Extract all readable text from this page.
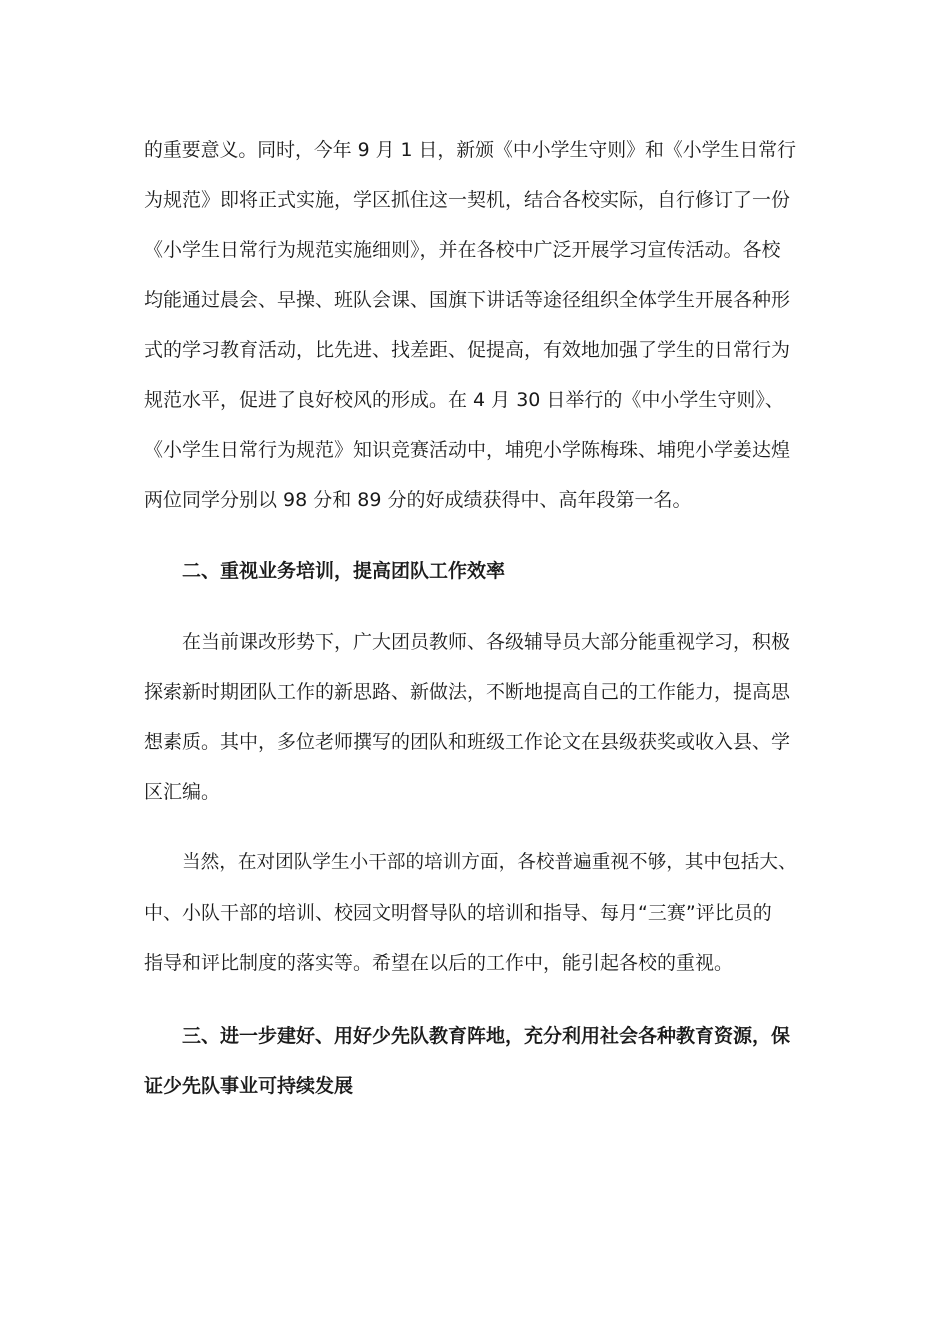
的重要意义。同时，今年 9 月 1 日，新颁《中小学生守则》和《小学生日常行
为规范》即将正式实施，学区抓住这一契机，结合各校实际，自行修订了一份
《小学生日常行为规范实施细则》，并在各校中广泛开展学习宣传活动。各校
均能通过晨会、早操、班队会课、国旗下讲话等途径组织全体学生开展各种形
式的学习教育活动，比先进、找差距、促提高，有效地加强了学生的日常行为
规范水平，促进了良好校风的形成。在 4 月 30 日举行的《中小学生守则》、
《小学生日常行为规范》知识竞赛活动中，埔兜小学陈梅珠、埔兜小学姜达煌
两位同学分别以 98 分和 89 分的好成绩获得中、高年段第一名。
二、重视业务培训，提高团队工作效率
在当前课改形势下，广大团员教师、各级辅导员大部分能重视学习，积极
探索新时期团队工作的新思路、新做法，不断地提高自己的工作能力，提高思
想素质。其中，多位老师撰写的团队和班级工作论文在县级获奖或收入县、学
区汇编。
当然，在对团队学生小干部的培训方面，各校普遍重视不够，其中包括大、
中、小队干部的培训、校园文明督导队的培训和指导、每月“三赛”评比员的
指导和评比制度的落实等。希望在以后的工作中，能引起各校的重视。
三、进一步建好、用好少先队教育阵地，充分利用社会各种教育资源，保
证少先队事业可持续发展
